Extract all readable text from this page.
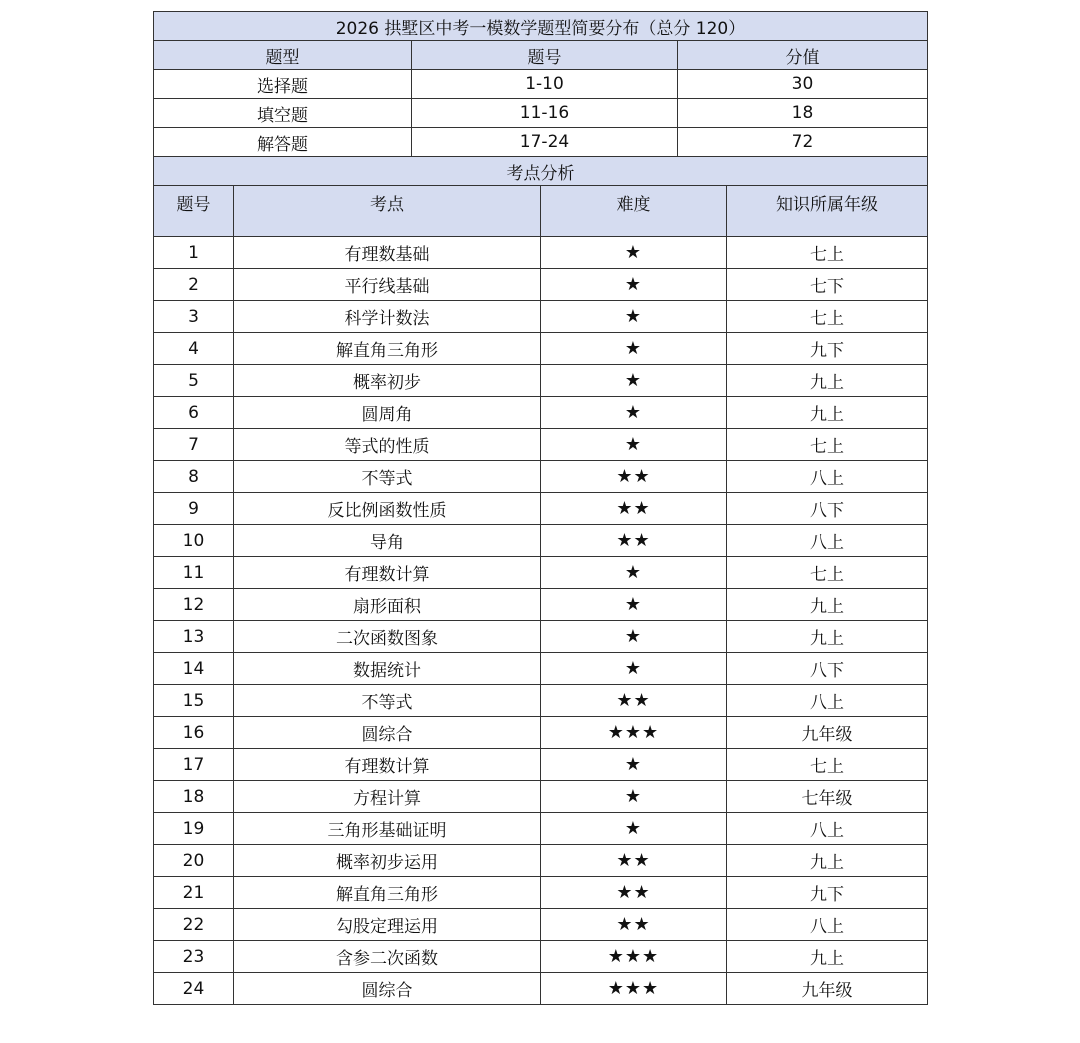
2026 拱墅区中考一模数学题型简要分布（总分 120）		
题型	题号	分值
选择题	1-10	30
填空题	11-16	18
解答题	17-24	72
考点分析			
题号	考点	难度	知识所属年级
1	有理数基础	★	七上
2	平行线基础	★	七下
3	科学计数法	★	七上
4	解直角三角形	★	九下
5	概率初步	★	九上
6	圆周角	★	九上
7	等式的性质	★	七上
8	不等式	★★	八上
9	反比例函数性质	★★	八下
10	导角	★★	八上
11	有理数计算	★	七上
12	扇形面积	★	九上
13	二次函数图象	★	九上
14	数据统计	★	八下
15	不等式	★★	八上
16	圆综合	★★★	九年级
17	有理数计算	★	七上
18	方程计算	★	七年级
19	三角形基础证明	★	八上
20	概率初步运用	★★	九上
21	解直角三角形	★★	九下
22	勾股定理运用	★★	八上
23	含参二次函数	★★★	九上
24	圆综合	★★★	九年级
